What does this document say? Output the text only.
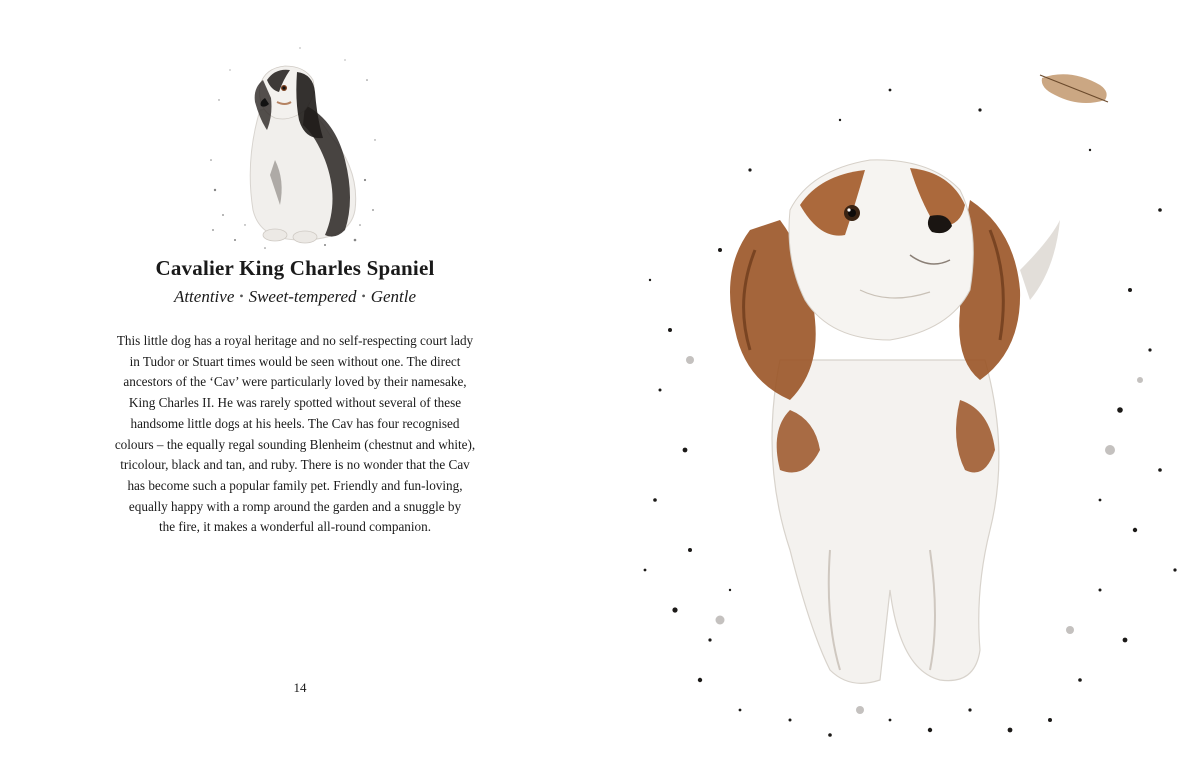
Cavalier King Charles Spaniel
Attentive • Sweet-tempered • Gentle
This little dog has a royal heritage and no self-respecting court lady
in Tudor or Stuart times would be seen without one. The direct
ancestors of the ‘Cav’ were particularly loved by their namesake,
King Charles II. He was rarely spotted without several of these
handsome little dogs at his heels. The Cav has four recognised
colours – the equally regal sounding Blenheim (chestnut and white),
tricolour, black and tan, and ruby. There is no wonder that the Cav
has become such a popular family pet. Friendly and fun-loving,
equally happy with a romp around the garden and a snuggle by
the fire, it makes a wonderful all-round companion.
14
